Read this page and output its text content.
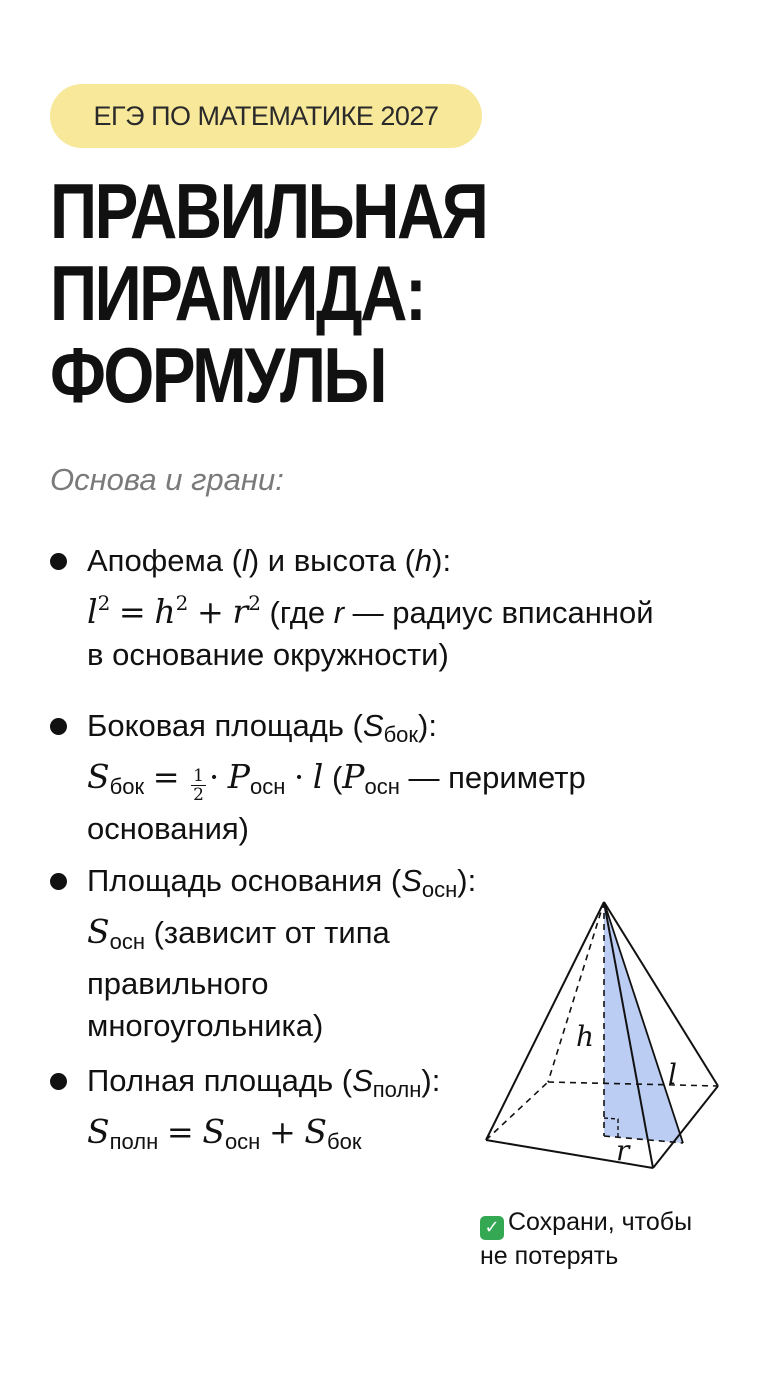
ЕГЭ ПО МАТЕМАТИКЕ 2027
ПРАВИЛЬНАЯ
ПИРАМИДА:
ФОРМУЛЫ
Основа и грани:
Апофема (l) и высота (h):
$l^2 = h^2 + r^2$ (где r — радиус вписанной
в основание окружности)
Боковая площадь (Sбок):
Sбок = $\frac{1}{2}$ · Pосн · l (Pосн — периметр
основания)
Площадь основания (Sосн):
Sосн (зависит от типа
правильного
многоугольника)
Полная площадь (Sполн):
Sполн = Sосн + Sбок
h
l
r
✓ Сохрани, чтобы
не потерять
